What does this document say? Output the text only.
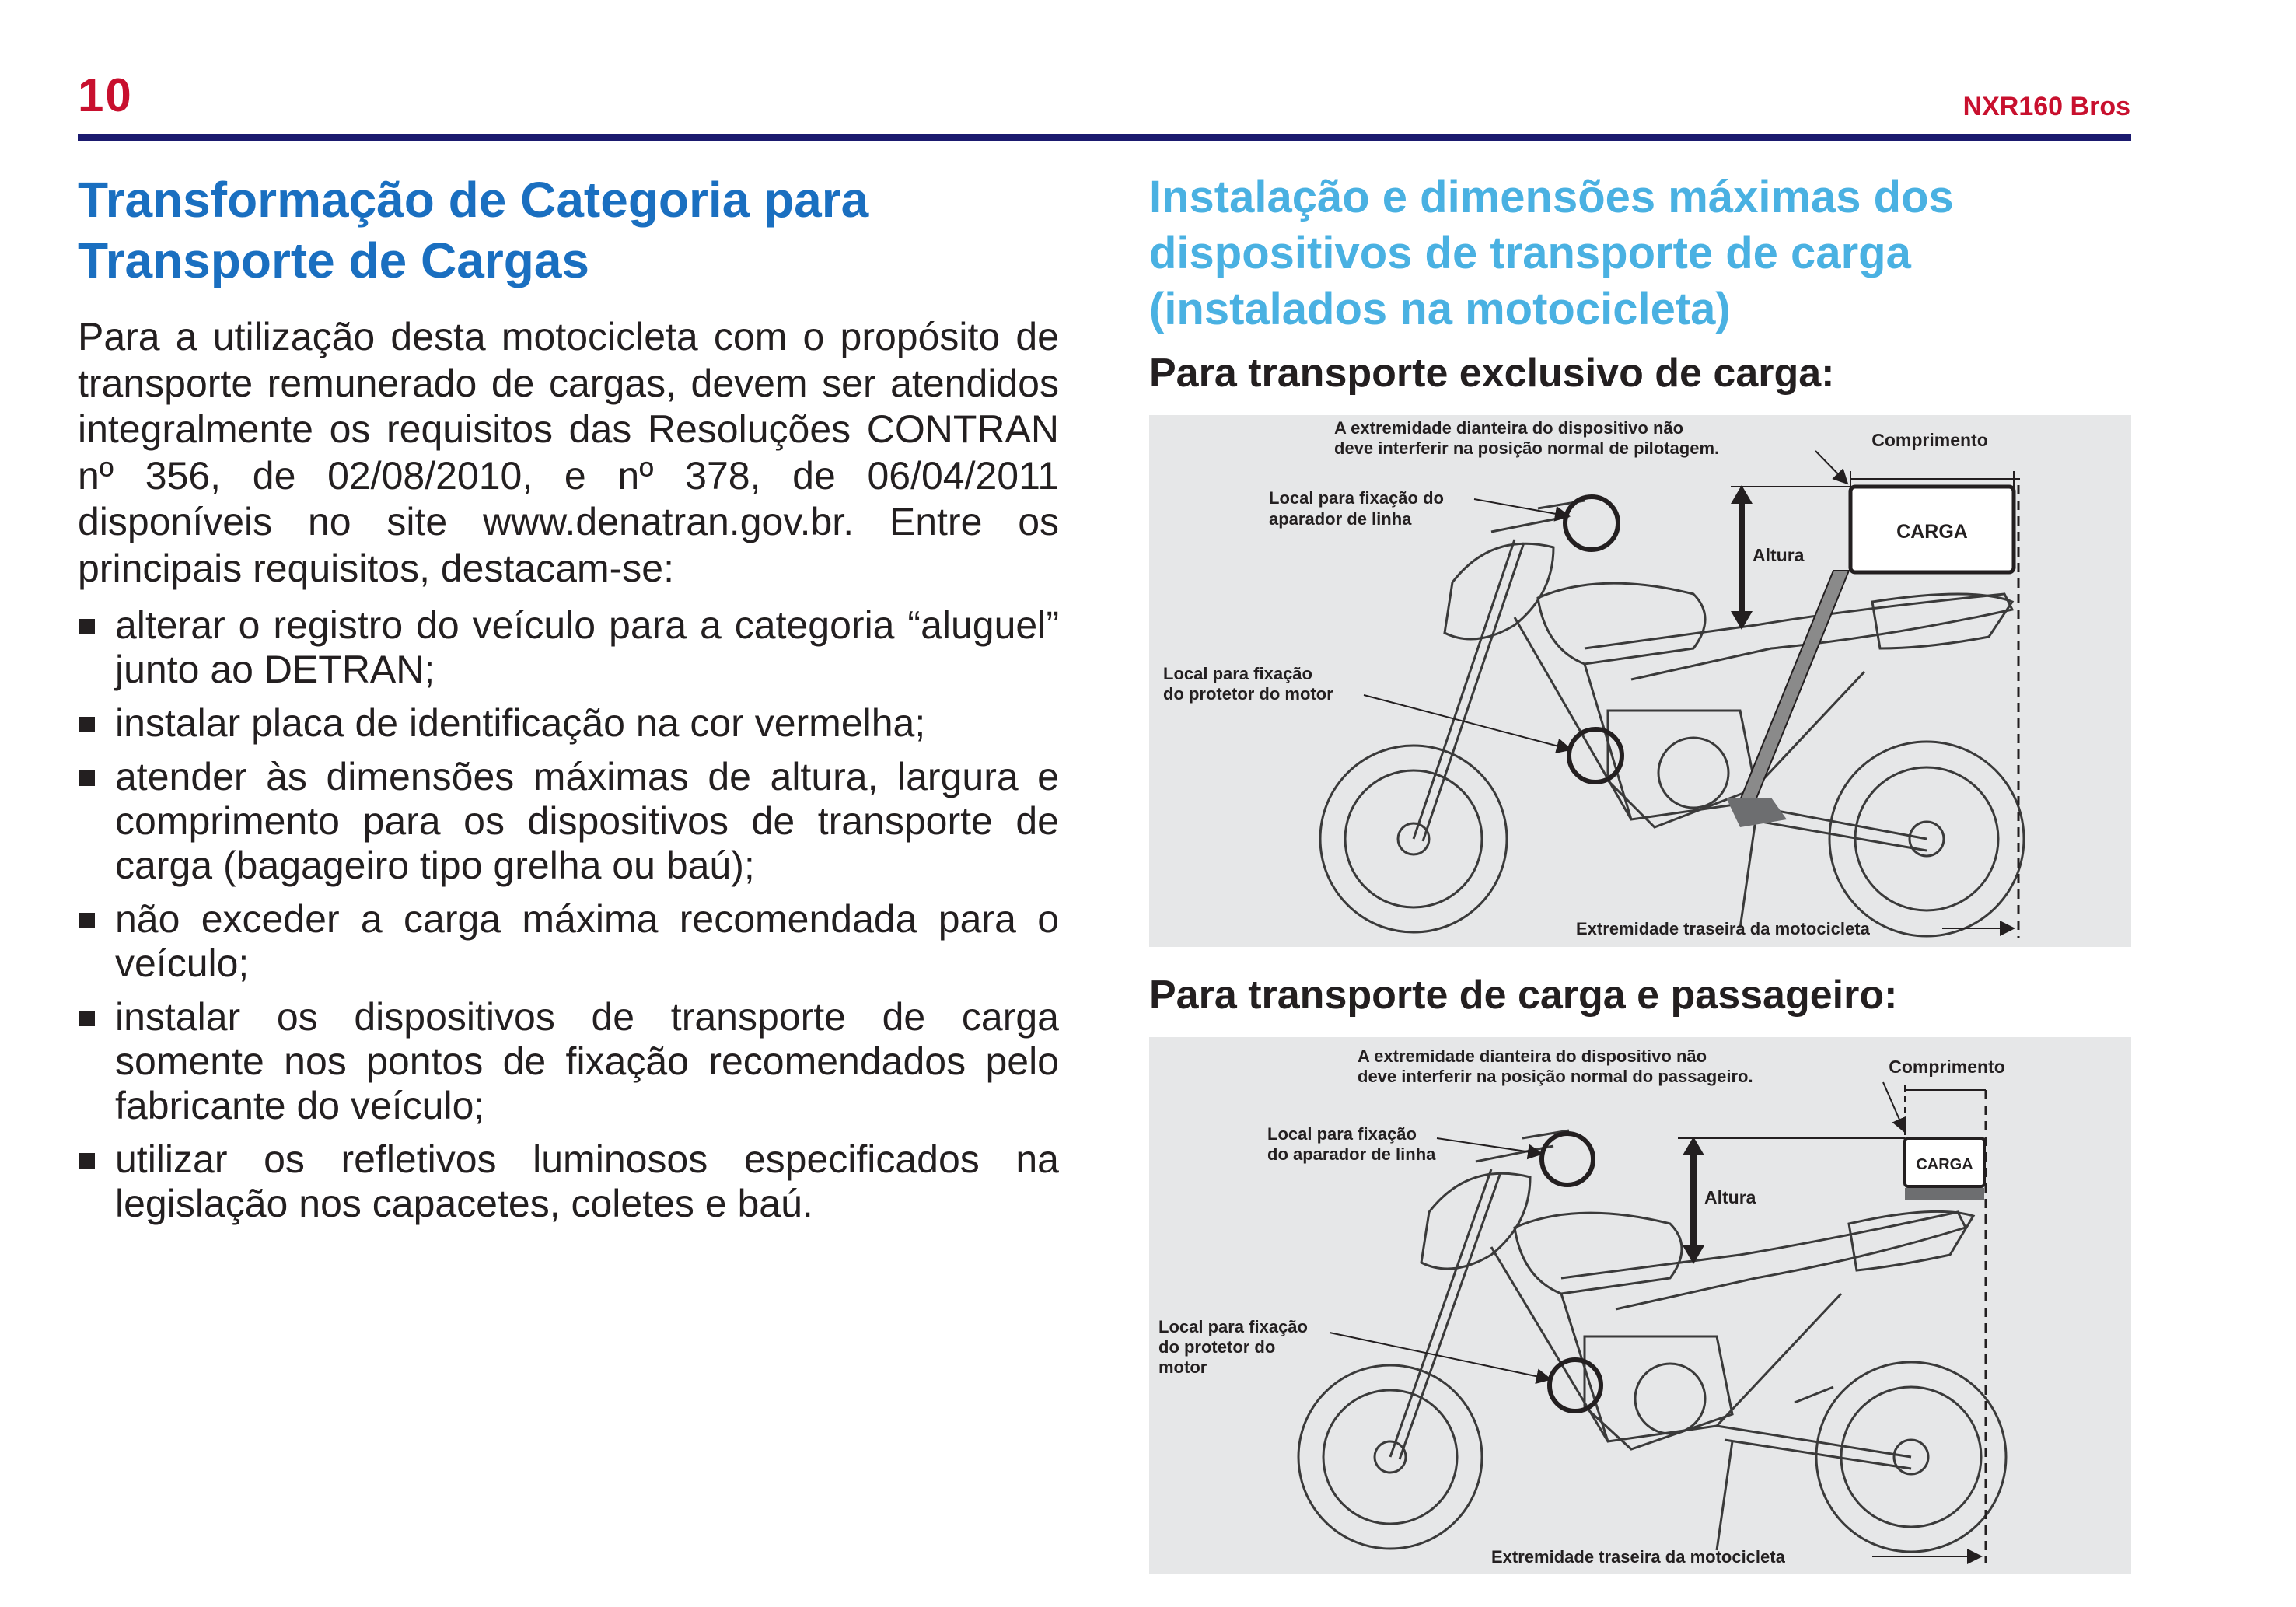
10	NXR160 Bros
Transformação de Categoria para
Transporte de Cargas

Para a utilização desta motocicleta com o propósito de transporte remunerado de cargas, devem ser atendidos integralmente os requisitos das Resoluções CONTRAN nº 356, de 02/08/2010, e nº 378, de 06/04/2011 disponíveis no site www.denatran.gov.br. Entre os principais requisitos, destacam-se:

alterar o registro do veículo para a categoria “aluguel” junto ao DETRAN;
instalar placa de identificação na cor vermelha;
atender às dimensões máximas de altura, largura e comprimento para os dispositivos de transporte de carga (bagageiro tipo grelha ou baú);
não exceder a carga máxima recomendada para o veículo;
instalar os dispositivos de transporte de carga somente nos pontos de fixação recomendados pelo fabricante do veículo;
utilizar os refletivos luminosos especificados na legislação nos capacetes, coletes e baú.
Instalação e dimensões máximas dos dispositivos de transporte de carga (instalados na motocicleta)
Para transporte exclusivo de carga:
CARGA
A extremidade dianteira do dispositivo não
deve interferir na posição normal de pilotagem.	Comprimento
Local para fixação do
aparador de linha
Altura
Local para fixação
do protetor do motor
Extremidade traseira da motocicleta
Para transporte de carga e passageiro:
CARGA
A extremidade dianteira do dispositivo não
deve interferir na posição normal do passageiro.	Comprimento
Local para fixação
do aparador de linha
Altura
Local para fixação
do protetor do
motor
Extremidade traseira da motocicleta
